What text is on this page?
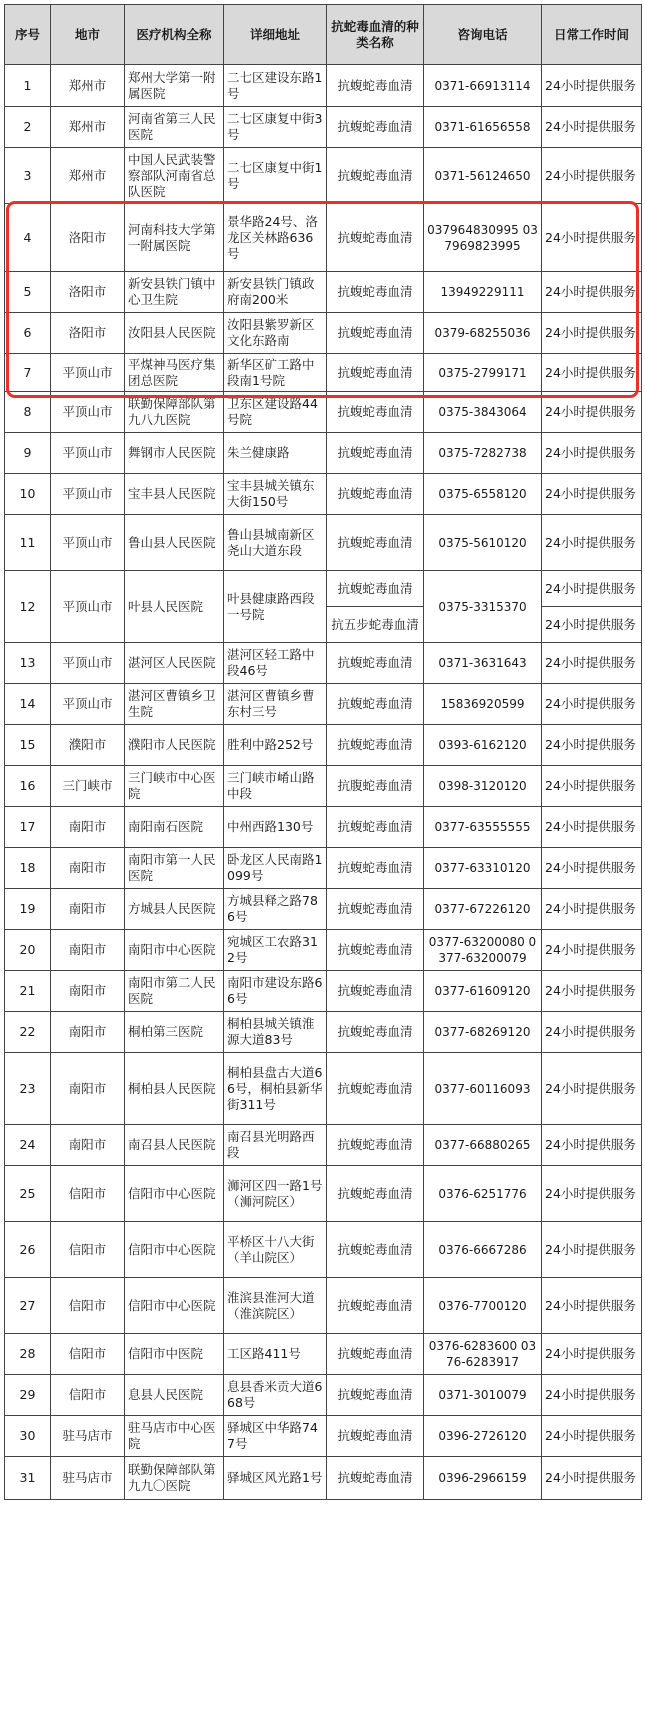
序号	地市	医疗机构全称	详细地址	抗蛇毒血清的种类名称	咨询电话	日常工作时间
1	郑州市	郑州大学第一附属医院	二七区建设东路1号	抗蝮蛇毒血清	0371-66913114	24小时提供服务
2	郑州市	河南省第三人民医院	二七区康复中街3号	抗蝮蛇毒血清	0371-61656558	24小时提供服务
3	郑州市	中国人民武装警察部队河南省总队医院	二七区康复中街1号	抗蝮蛇毒血清	0371-56124650	24小时提供服务
4	洛阳市	河南科技大学第一附属医院	景华路24号、洛龙区关林路636号	抗蝮蛇毒血清	037964830995 037969823995	24小时提供服务
5	洛阳市	新安县铁门镇中心卫生院	新安县铁门镇政府南200米	抗蝮蛇毒血清	13949229111	24小时提供服务
6	洛阳市	汝阳县人民医院	汝阳县紫罗新区文化东路南	抗蝮蛇毒血清	0379-68255036	24小时提供服务
7	平顶山市	平煤神马医疗集团总医院	新华区矿工路中段南1号院	抗蝮蛇毒血清	0375-2799171	24小时提供服务
8	平顶山市	联勤保障部队第九八九医院	卫东区建设路44号院	抗蝮蛇毒血清	0375-3843064	24小时提供服务
9	平顶山市	舞钢市人民医院	朱兰健康路	抗蝮蛇毒血清	0375-7282738	24小时提供服务
10	平顶山市	宝丰县人民医院	宝丰县城关镇东大街150号	抗蝮蛇毒血清	0375-6558120	24小时提供服务
11	平顶山市	鲁山县人民医院	鲁山县城南新区尧山大道东段	抗蝮蛇毒血清	0375-5610120	24小时提供服务
12	平顶山市	叶县人民医院	叶县健康路西段一号院	抗蝮蛇毒血清	0375-3315370	24小时提供服务
				抗五步蛇毒血清		24小时提供服务
13	平顶山市	湛河区人民医院	湛河区轻工路中段46号	抗蝮蛇毒血清	0371-3631643	24小时提供服务
14	平顶山市	湛河区曹镇乡卫生院	湛河区曹镇乡曹东村三号	抗蝮蛇毒血清	15836920599	24小时提供服务
15	濮阳市	濮阳市人民医院	胜利中路252号	抗蝮蛇毒血清	0393-6162120	24小时提供服务
16	三门峡市	三门峡市中心医院	三门峡市崤山路中段	抗腹蛇毒血清	0398-3120120	24小时提供服务
17	南阳市	南阳南石医院	中州西路130号	抗蝮蛇毒血清	0377-63555555	24小时提供服务
18	南阳市	南阳市第一人民医院	卧龙区人民南路1099号	抗蝮蛇毒血清	0377-63310120	24小时提供服务
19	南阳市	方城县人民医院	方城县释之路786号	抗蝮蛇毒血清	0377-67226120	24小时提供服务
20	南阳市	南阳市中心医院	宛城区工农路312号	抗蝮蛇毒血清	0377-63200080 0377-63200079	24小时提供服务
21	南阳市	南阳市第二人民医院	南阳市建设东路66号	抗蝮蛇毒血清	0377-61609120	24小时提供服务
22	南阳市	桐柏第三医院	桐柏县城关镇淮源大道83号	抗蝮蛇毒血清	0377-68269120	24小时提供服务
23	南阳市	桐柏县人民医院	桐柏县盘古大道66号，桐柏县新华街311号	抗蝮蛇毒血清	0377-60116093	24小时提供服务
24	南阳市	南召县人民医院	南召县光明路西段	抗蝮蛇毒血清	0377-66880265	24小时提供服务
25	信阳市	信阳市中心医院	浉河区四一路1号（浉河院区）	抗蝮蛇毒血清	0376-6251776	24小时提供服务
26	信阳市	信阳市中心医院	平桥区十八大街（羊山院区）	抗蝮蛇毒血清	0376-6667286	24小时提供服务
27	信阳市	信阳市中心医院	淮滨县淮河大道（淮滨院区）	抗蝮蛇毒血清	0376-7700120	24小时提供服务
28	信阳市	信阳市中医院	工区路411号	抗蝮蛇毒血清	0376-6283600 0376-6283917	24小时提供服务
29	信阳市	息县人民医院	息县香米贡大道668号	抗蝮蛇毒血清	0371-3010079	24小时提供服务
30	驻马店市	驻马店市中心医院	驿城区中华路747号	抗蝮蛇毒血清	0396-2726120	24小时提供服务
31	驻马店市	联勤保障部队第九九〇医院	驿城区风光路1号	抗蝮蛇毒血清	0396-2966159	24小时提供服务
